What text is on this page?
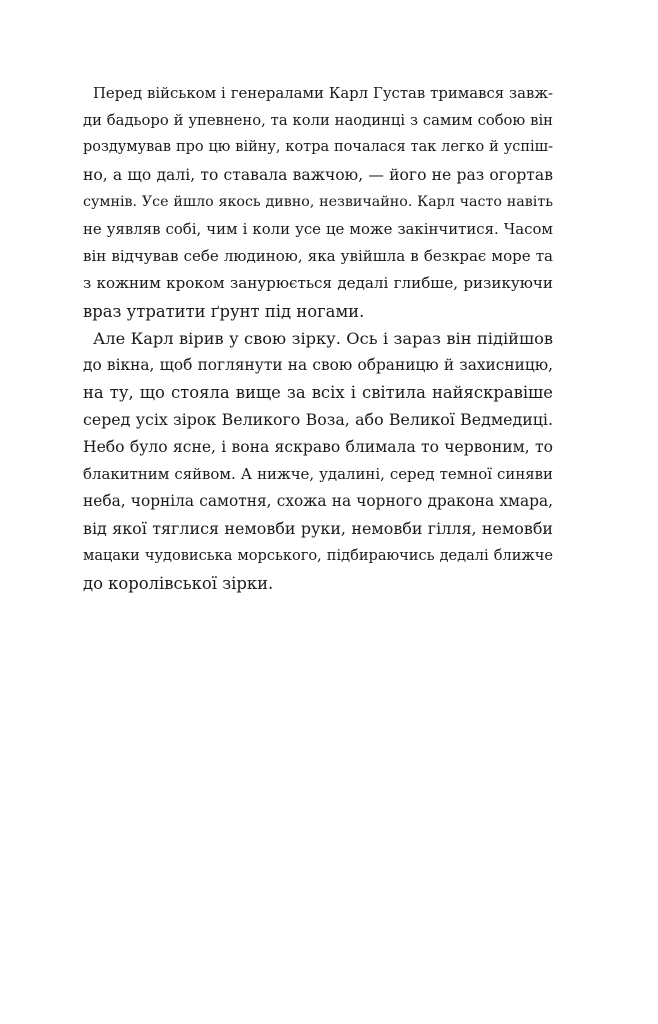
Перед військом і генералами Карл Густав тримався завж-
ди бадьоро й упевнено, та коли наодинці з самим собою він
роздумував про цю війну, котра почалася так легко й успіш-
но, а що далі, то ставала важчою, — його не раз огортав
сумнів. Усе йшло якось дивно, незвичайно. Карл часто навіть
не уявляв собі, чим і коли усе це може закінчитися. Часом
він відчував себе людиною, яка увійшла в безкрає море та
з кожним кроком занурюється дедалі глибше, ризикуючи
враз утратити ґрунт під ногами.

Але Карл вірив у свою зірку. Ось і зараз він підійшов
до вікна, щоб поглянути на свою обраницю й захисницю,
на ту, що стояла вище за всіх і світила найяскравіше
серед усіх зірок Великого Воза, або Великої Ведмедиці.
Небо було ясне, і вона яскраво блимала то червоним, то
блакитним сяйвом. А нижче, удалині, серед темної синяви
неба, чорніла самотня, схожа на чорного дракона хмара,
від якої тяглися немовби руки, немовби гілля, немовби
мацаки чудовиська морського, підбираючись дедалі ближче
до королівської зірки.
